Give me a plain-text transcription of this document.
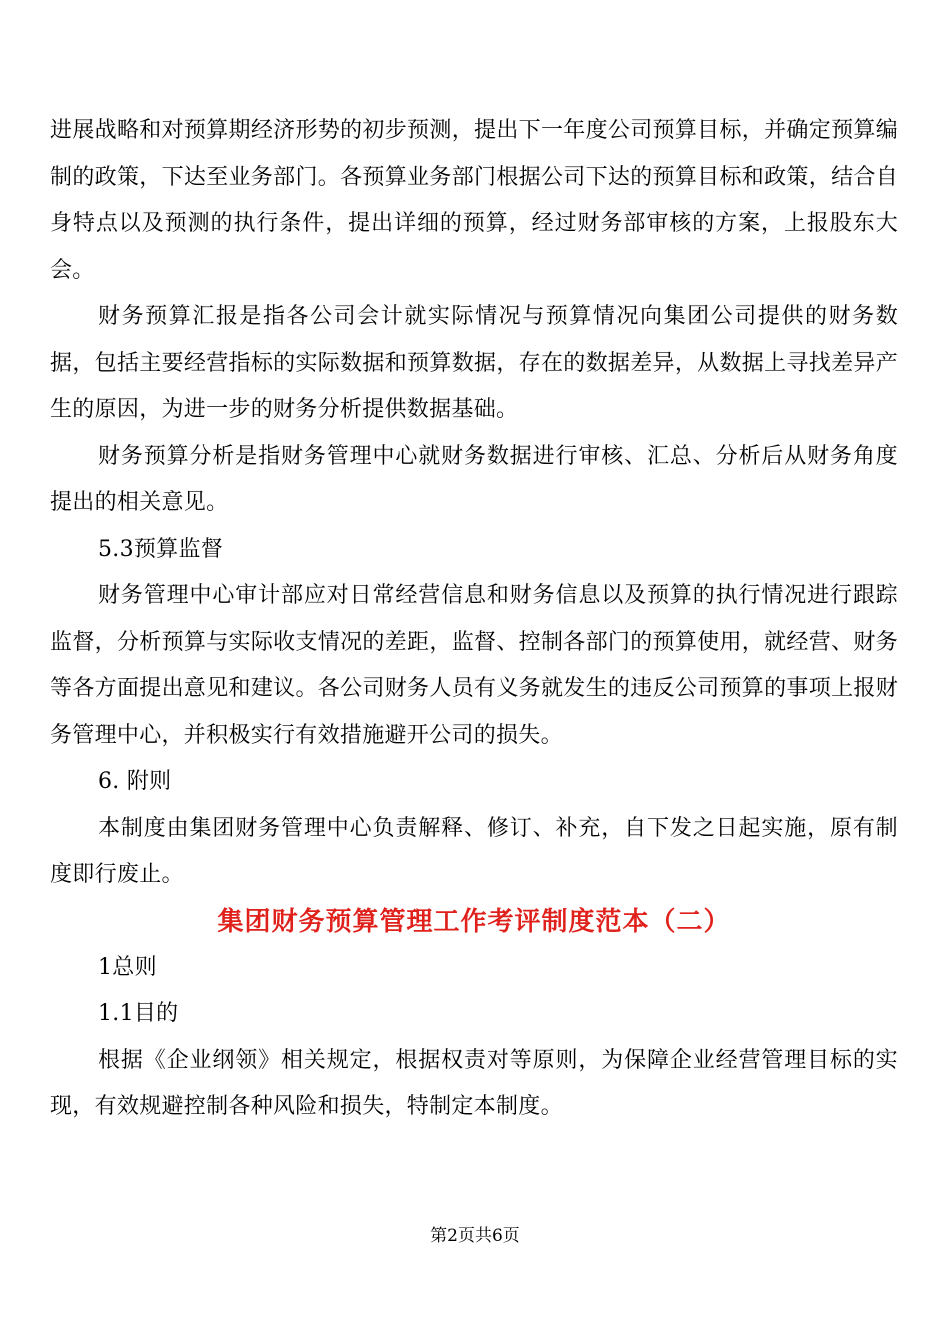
进展战略和对预算期经济形势的初步预测，提出下一年度公司预算目标，并确定预算编制的政策，下达至业务部门。各预算业务部门根据公司下达的预算目标和政策，结合自身特点以及预测的执行条件，提出详细的预算，经过财务部审核的方案，上报股东大会。

财务预算汇报是指各公司会计就实际情况与预算情况向集团公司提供的财务数据，包括主要经营指标的实际数据和预算数据，存在的数据差异，从数据上寻找差异产生的原因，为进一步的财务分析提供数据基础。

财务预算分析是指财务管理中心就财务数据进行审核、汇总、分析后从财务角度提出的相关意见。

5.3预算监督

财务管理中心审计部应对日常经营信息和财务信息以及预算的执行情况进行跟踪监督，分析预算与实际收支情况的差距，监督、控制各部门的预算使用，就经营、财务等各方面提出意见和建议。各公司财务人员有义务就发生的违反公司预算的事项上报财务管理中心，并积极实行有效措施避开公司的损失。

6. 附则

本制度由集团财务管理中心负责解释、修订、补充，自下发之日起实施，原有制度即行废止。

集团财务预算管理工作考评制度范本（二）

1总则

1.1目的

根据《企业纲领》相关规定，根据权责对等原则，为保障企业经营管理目标的实现，有效规避控制各种风险和损失，特制定本制度。

第2页共6页
